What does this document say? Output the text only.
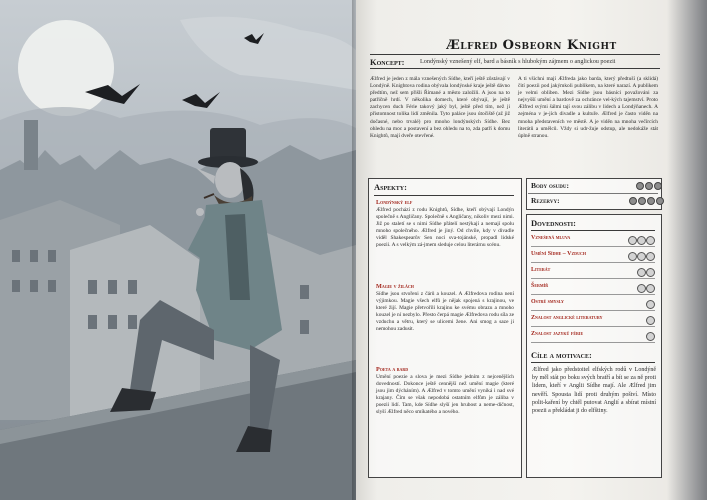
Ælfred Osbeorn Knight
Koncept:	Londýnský vznešený elf, bard a básník s hlubokým zájmem o anglickou poezii
Ælfred je jeden z mála vznešených Sídhe, kteří ještě zůstávají v Londýně. Knightova rodina obývala londýnské kraje ještě dávno předtím, než sem přišli Římané a město založili. A jsou na to patřičně hrdí. V několika domech, které obývají, je ještě zachycen duch Férie takový jaký byl, ještě před tím, než ji přistomnost tolika lidí změnila. Tyto paláce jsou útočiště (až již dočasné, nebo trvalé) pro mnoho londýnských Sídhe. Bez ohledu na moc a postavení a bez ohledu na to, zda patří k domu Knightů, mají dveře otevřené.
A ti všichni mají Ælfreda jako barda, který předtuší (a sklidá) čití poezii pod jakýmkoli publikem, na které narazí. A publikem je velmi obliben. Mezi Sídhe jsou básníci považováni za nejvyšší umění a bardově za ochránce vel-kých tajemství. Proto Ælfred svými šálmi tají svou zálibu v lidech a Londýňanech. A zejména v je-jích divadle a kultuře. Ælfred je často viděn na mnoha představeních ve městě. A je viděn na mnoha večírcích literátů a umělců. Vždy si udr-žuje odstup, ale nedokáže stát úplně stranou.
Aspekty:
Londýnský elf
Ælfred pochází z rodu Knightů, Sídhe, kteří obývají Londýn společně s Angličany. Společně s Angličany, nikoliv mezi nimi. Již po staletí se s nimi Sídhe přátelí nestýkají a nemají spolu mnoho společného. Ælfred je jiný. Od chvíle, kdy v divadle viděl Shakespearův Sen noci sva-tojánské, propadl lidské poezii. A s velkým zá-jmem sleduje celou literárnu scénu.
Magie v žilách
Sídhe jsou stvořeni z čárů a kouzel. A Ælfredova rodina není výjimkou. Magie všech elfů je nějak spojená s krajinou, ve které žijí. Magie přetvořili krajinu ke svému obrazu a mnoho kouzel je ní nezbylo. Přesto čerpá magie Ælfredova rodu síla ze vzduchu a větru, který se ulicemi žene. Ani smog a saze ji nemohou zadusit.
Poeta a bard
Umění poezie a slova je mezi Sídhe jedním z nejcenějších dovedností. Dokonce ještě cennější než umění magie (které jsou jim dýcháním). A Ælfred v tomto umění vyniká i nad své krajany. Čím se však nepodobá ostatním elfům je záliba v poezii lidí. Tam, kde Sídhe slyší jen hrubost a neme-dičnost, slyší Ælfred něco smíkatého a nového.
Body osudu:
Rezervy:
Dovednosti:
Vznešená mluva
Umění Sídhe – Vzduch
Literát
Šermíř
Ostré smysly
Znalost anglické literatury
Znalost jazyků férie
Cíle a motivace:
Ælfred jako předstoitel elfských rodů v Londýně by měl stát po boku svých bratří a bít se za ně proti lidem, kteří v Anglii Sídhe mají. Ale Ælfred jim nevěří. Spousta lidí proti druhým poštví. Místo polit-kaření by chtěl putovat Anglií a sbírat místní poezii a překládat ji do elfštiny.
